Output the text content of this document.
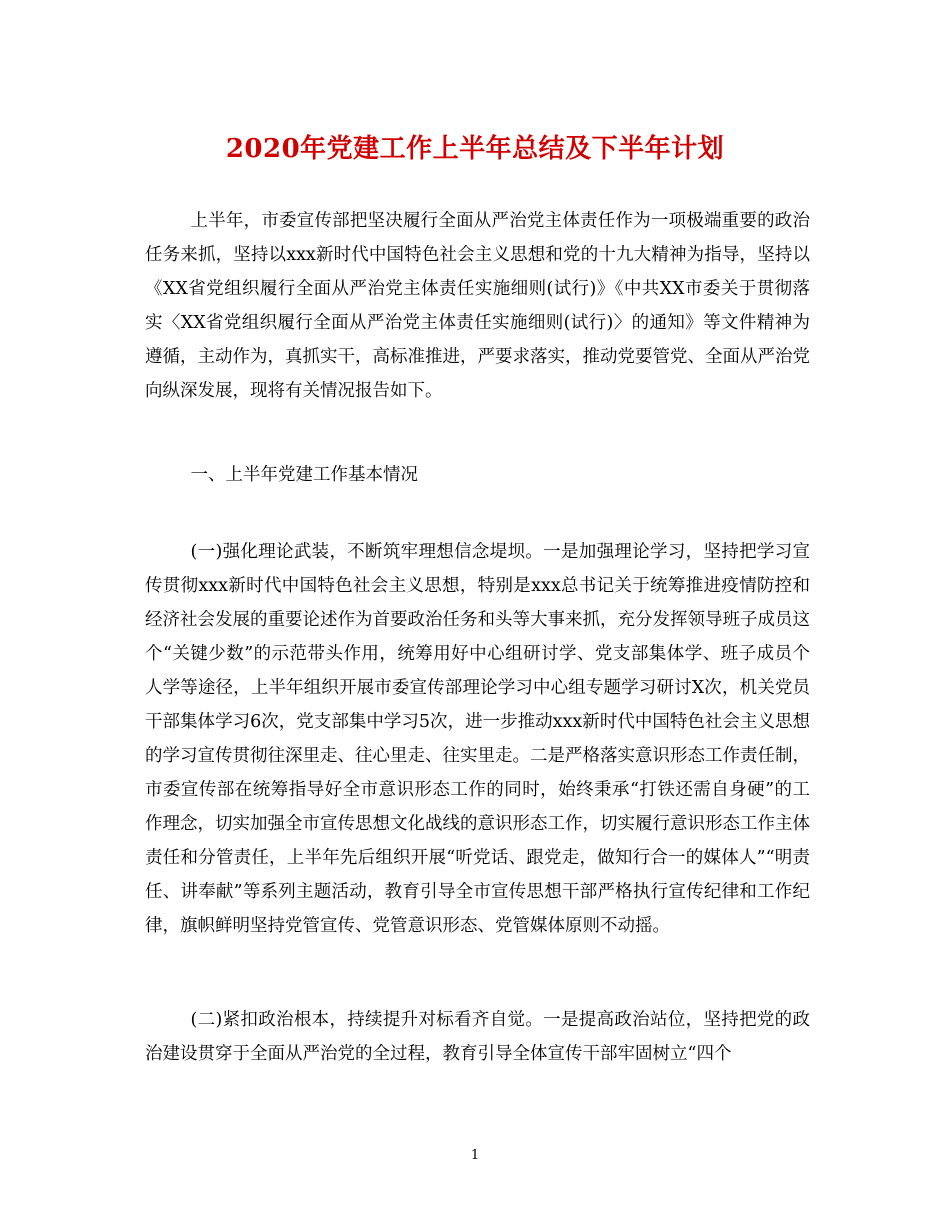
2020年党建工作上半年总结及下半年计划
上半年，市委宣传部把坚决履行全面从严治党主体责任作为一项极端重要的政治任务来抓，坚持以xxx新时代中国特色社会主义思想和党的十九大精神为指导，坚持以《XX省党组织履行全面从严治党主体责任实施细则(试行)》《中共XX市委关于贯彻落实〈XX省党组织履行全面从严治党主体责任实施细则(试行)〉的通知》等文件精神为遵循，主动作为，真抓实干，高标准推进，严要求落实，推动党要管党、全面从严治党向纵深发展，现将有关情况报告如下。
一、上半年党建工作基本情况
(一)强化理论武装，不断筑牢理想信念堤坝。一是加强理论学习，坚持把学习宣传贯彻xxx新时代中国特色社会主义思想，特别是xxx总书记关于统筹推进疫情防控和经济社会发展的重要论述作为首要政治任务和头等大事来抓，充分发挥领导班子成员这个“关键少数”的示范带头作用，统筹用好中心组研讨学、党支部集体学、班子成员个人学等途径，上半年组织开展市委宣传部理论学习中心组专题学习研讨X次，机关党员干部集体学习6次，党支部集中学习5次，进一步推动xxx新时代中国特色社会主义思想的学习宣传贯彻往深里走、往心里走、往实里走。二是严格落实意识形态工作责任制，市委宣传部在统筹指导好全市意识形态工作的同时，始终秉承“打铁还需自身硬”的工作理念，切实加强全市宣传思想文化战线的意识形态工作，切实履行意识形态工作主体责任和分管责任，上半年先后组织开展“听党话、跟党走，做知行合一的媒体人”“明责任、讲奉献”等系列主题活动，教育引导全市宣传思想干部严格执行宣传纪律和工作纪律，旗帜鲜明坚持党管宣传、党管意识形态、党管媒体原则不动摇。
(二)紧扣政治根本，持续提升对标看齐自觉。一是提高政治站位，坚持把党的政治建设贯穿于全面从严治党的全过程，教育引导全体宣传干部牢固树立“四个
1
